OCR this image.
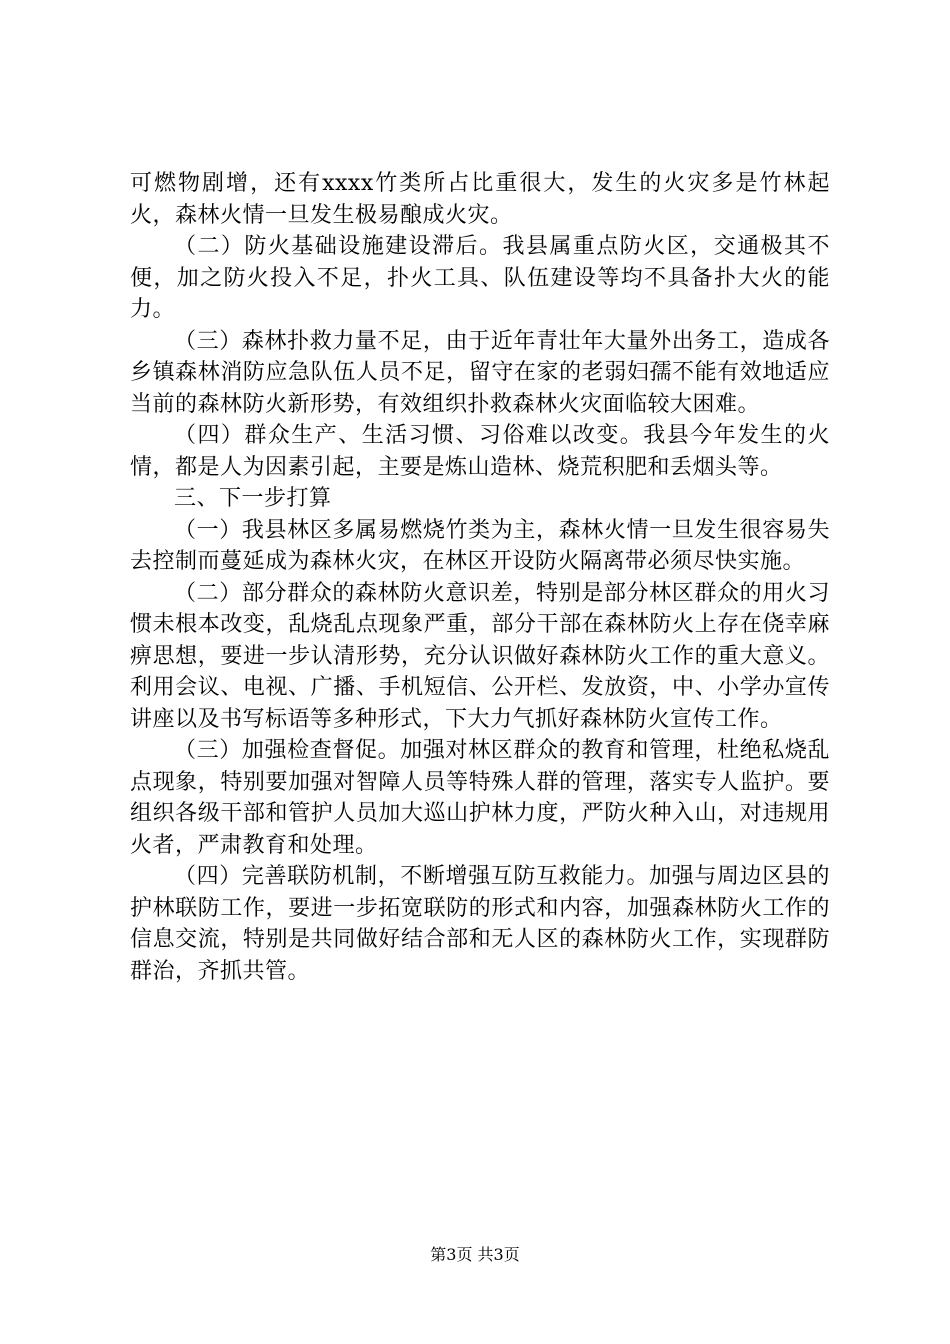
可燃物剧增，还有xxxx竹类所占比重很大，发生的火灾多是竹林起火，森林火情一旦发生极易酿成火灾。

（二）防火基础设施建设滞后。我县属重点防火区，交通极其不便，加之防火投入不足，扑火工具、队伍建设等均不具备扑大火的能力。

（三）森林扑救力量不足，由于近年青壮年大量外出务工，造成各乡镇森林消防应急队伍人员不足，留守在家的老弱妇孺不能有效地适应当前的森林防火新形势，有效组织扑救森林火灾面临较大困难。

（四）群众生产、生活习惯、习俗难以改变。我县今年发生的火情，都是人为因素引起，主要是炼山造林、烧荒积肥和丢烟头等。

三、下一步打算

（一）我县林区多属易燃烧竹类为主，森林火情一旦发生很容易失去控制而蔓延成为森林火灾，在林区开设防火隔离带必须尽快实施。

（二）部分群众的森林防火意识差，特别是部分林区群众的用火习惯未根本改变，乱烧乱点现象严重，部分干部在森林防火上存在侥幸麻痹思想，要进一步认清形势，充分认识做好森林防火工作的重大意义。利用会议、电视、广播、手机短信、公开栏、发放资，中、小学办宣传讲座以及书写标语等多种形式，下大力气抓好森林防火宣传工作。

（三）加强检查督促。加强对林区群众的教育和管理，杜绝私烧乱点现象，特别要加强对智障人员等特殊人群的管理，落实专人监护。要组织各级干部和管护人员加大巡山护林力度，严防火种入山，对违规用火者，严肃教育和处理。

（四）完善联防机制，不断增强互防互救能力。加强与周边区县的护林联防工作，要进一步拓宽联防的形式和内容，加强森林防火工作的信息交流，特别是共同做好结合部和无人区的森林防火工作，实现群防群治，齐抓共管。

第3页 共3页
